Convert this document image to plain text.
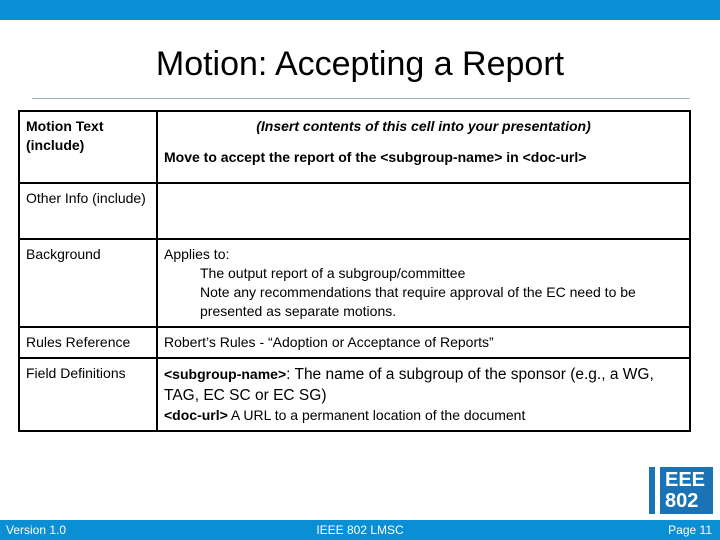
Motion: Accepting a Report
Motion Text (include)	(Insert contents of this cell into your presentation)
Move to accept the report of the <subgroup-name> in <doc-url>

Other Info (include)	
Background	Applies to:
The output report of a subgroup/committee
Note any recommendations that require approval of the EC need to be presented as separate motions.

Rules Reference	Robert’s Rules - “Adoption or Acceptance of Reports”
Field Definitions	<subgroup-name>: The name of a subgroup of the sponsor (e.g., a WG, TAG, EC SC or EC SG)
<doc-url> A URL to a permanent location of the document
EEE
802
Version 1.0	IEEE 802 LMSC	Page 11
